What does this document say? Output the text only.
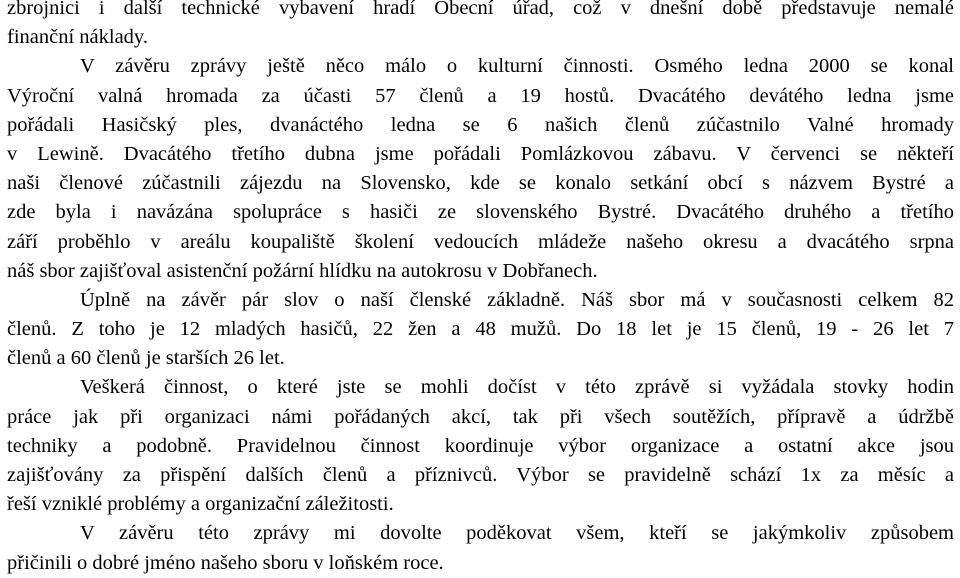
zbrojnici i další technické vybavení hradí Obecní úřad, což v dnešní době představuje nemalé
finanční náklady.
V závěru zprávy ještě něco málo o kulturní činnosti. Osmého ledna 2000 se konal
Výroční valná hromada za účasti 57 členů a 19 hostů. Dvacátého devátého ledna jsme
pořádali Hasičský ples, dvanáctého ledna se 6 našich členů zúčastnilo Valné hromady
v Lewině. Dvacátého třetího dubna jsme pořádali Pomlázkovou zábavu. V červenci se někteří
naši členové zúčastnili zájezdu na Slovensko, kde se konalo setkání obcí s názvem Bystré a
zde byla i navázána spolupráce s hasiči ze slovenského Bystré. Dvacátého druhého a třetího
září proběhlo v areálu koupaliště školení vedoucích mládeže našeho okresu a dvacátého srpna
náš sbor zajišťoval asistenční požární hlídku na autokrosu v Dobřanech.
Úplně na závěr pár slov o naší členské základně. Náš sbor má v současnosti celkem 82
členů. Z toho je 12 mladých hasičů, 22 žen a 48 mužů. Do 18 let je 15 členů, 19 - 26 let 7
členů a 60 členů je starších 26 let.
Veškerá činnost, o které jste se mohli dočíst v této zprávě si vyžádala stovky hodin
práce jak při organizaci námi pořádaných akcí, tak při všech soutěžích, přípravě a údržbě
techniky a podobně. Pravidelnou činnost koordinuje výbor organizace a ostatní akce jsou
zajišťovány za přispění dalších členů a příznivců. Výbor se pravidelně schází 1x za měsíc a
řeší vzniklé problémy a organizační záležitosti.
V závěru této zprávy mi dovolte poděkovat všem, kteří se jakýmkoliv způsobem
přičinili o dobré jméno našeho sboru v loňském roce.
